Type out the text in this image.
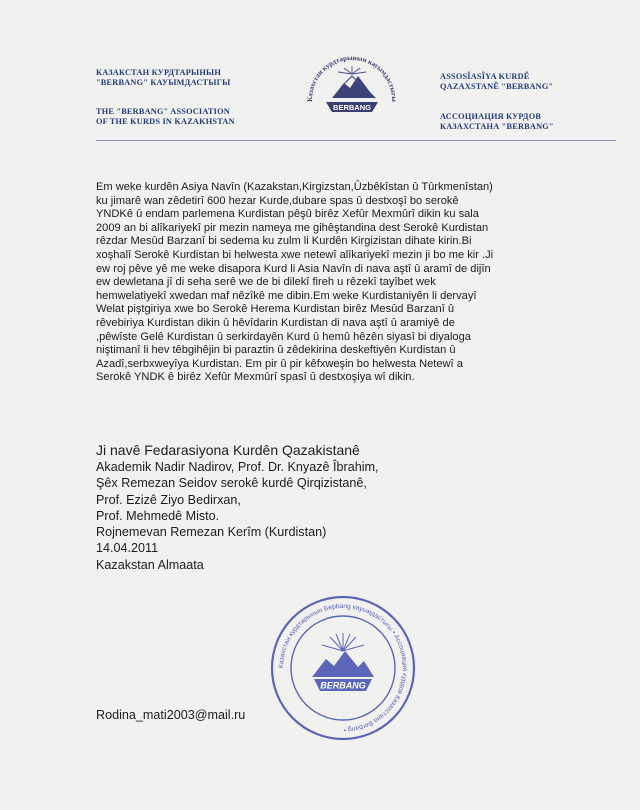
КАЗАКСТАН КУРДТАРЫНЫН
"BERBANG" КАУЫМДАСТЫГЫ
THE "BERBANG" ASSOCIATION
OF THE KURDS IN KAZAKHSTAN
Казахстан курдтарынын кауымдастыгы
BERBANG
ASSOSÎASÎYA KURDÊ
QAZAXSTANÊ "BERBANG"
АССОЦИАЦИЯ КУРДОВ
КАЗАХСТАНА "BERBANG"
Em weke kurdên Asiya Navîn (Kazakstan,Kirgizstan,Ûzbêkîstan û Tûrkmenîstan)
ku jimarê wan zêdetirî 600 hezar Kurde,dubare spas û destxoşî bo serokê
YNDKê û endam parlemena Kurdistan pêşû birêz Xefûr Mexmûrî dikin ku sala
2009 an bi alîkariyekî pir mezin nameya me gihêştandina dest Serokê Kurdistan
rêzdar Mesûd Barzanî bi sedema ku zulm li Kurdên Kirgizistan dihate kirin.Bi
xoşhalî Serokê Kurdistan bi helwesta xwe netewî alîkariyekî mezin ji bo me kir .Ji
ew roj pêve yê me weke disapora Kurd li Asia Navîn di nava aştî û aramî de dijîn
ew dewletana jî di seha serê we de bi dilekî fireh u rêzekî tayîbet wek
hemwelatiyekî xwedan maf nêzîkê me dibin.Em weke Kurdistaniyên li dervayî
Welat piştgiriya xwe bo Serokê Herema Kurdistan birêz Mesûd Barzanî û
rêvebiriya Kurdistan dikin û hêvîdarin Kurdistan di nava aştî û aramiyê de
,pêwîste Gelê Kurdistan û serkirdayên Kurd û hemû hêzên siyasî bi diyaloga
niştimanî li hev têbgihêjin bi paraztin û zêdekirina deskeftiyên Kurdistan û
Azadî,serbxweyîya Kurdistan. Em pir û pir kêfxweşin bo helwesta Netewî a
Serokê YNDK ê birêz Xefûr Mexmûrî spasî û destxoşiya wî dikin.
Ji navê Fedarasiyona Kurdên Qazakistanê
Akademik Nadir Nadirov, Prof. Dr. Knyazê Îbrahim,
Şêx Remezan Seidov serokê kurdê Qirqizistanê,
Prof. Ezizê Ziyo Bedirxan,
Prof. Mehmedê Misto.
Rojnemevan Remezan Kerîm (Kurdistan)
14.04.2011
Kazakstan Almaata
Казахстан курдтарынын Берbang кауымдастыгы • Ассоциация курдов Казахстана Berbang •
BERBANG
Rodina_mati2003@mail.ru
